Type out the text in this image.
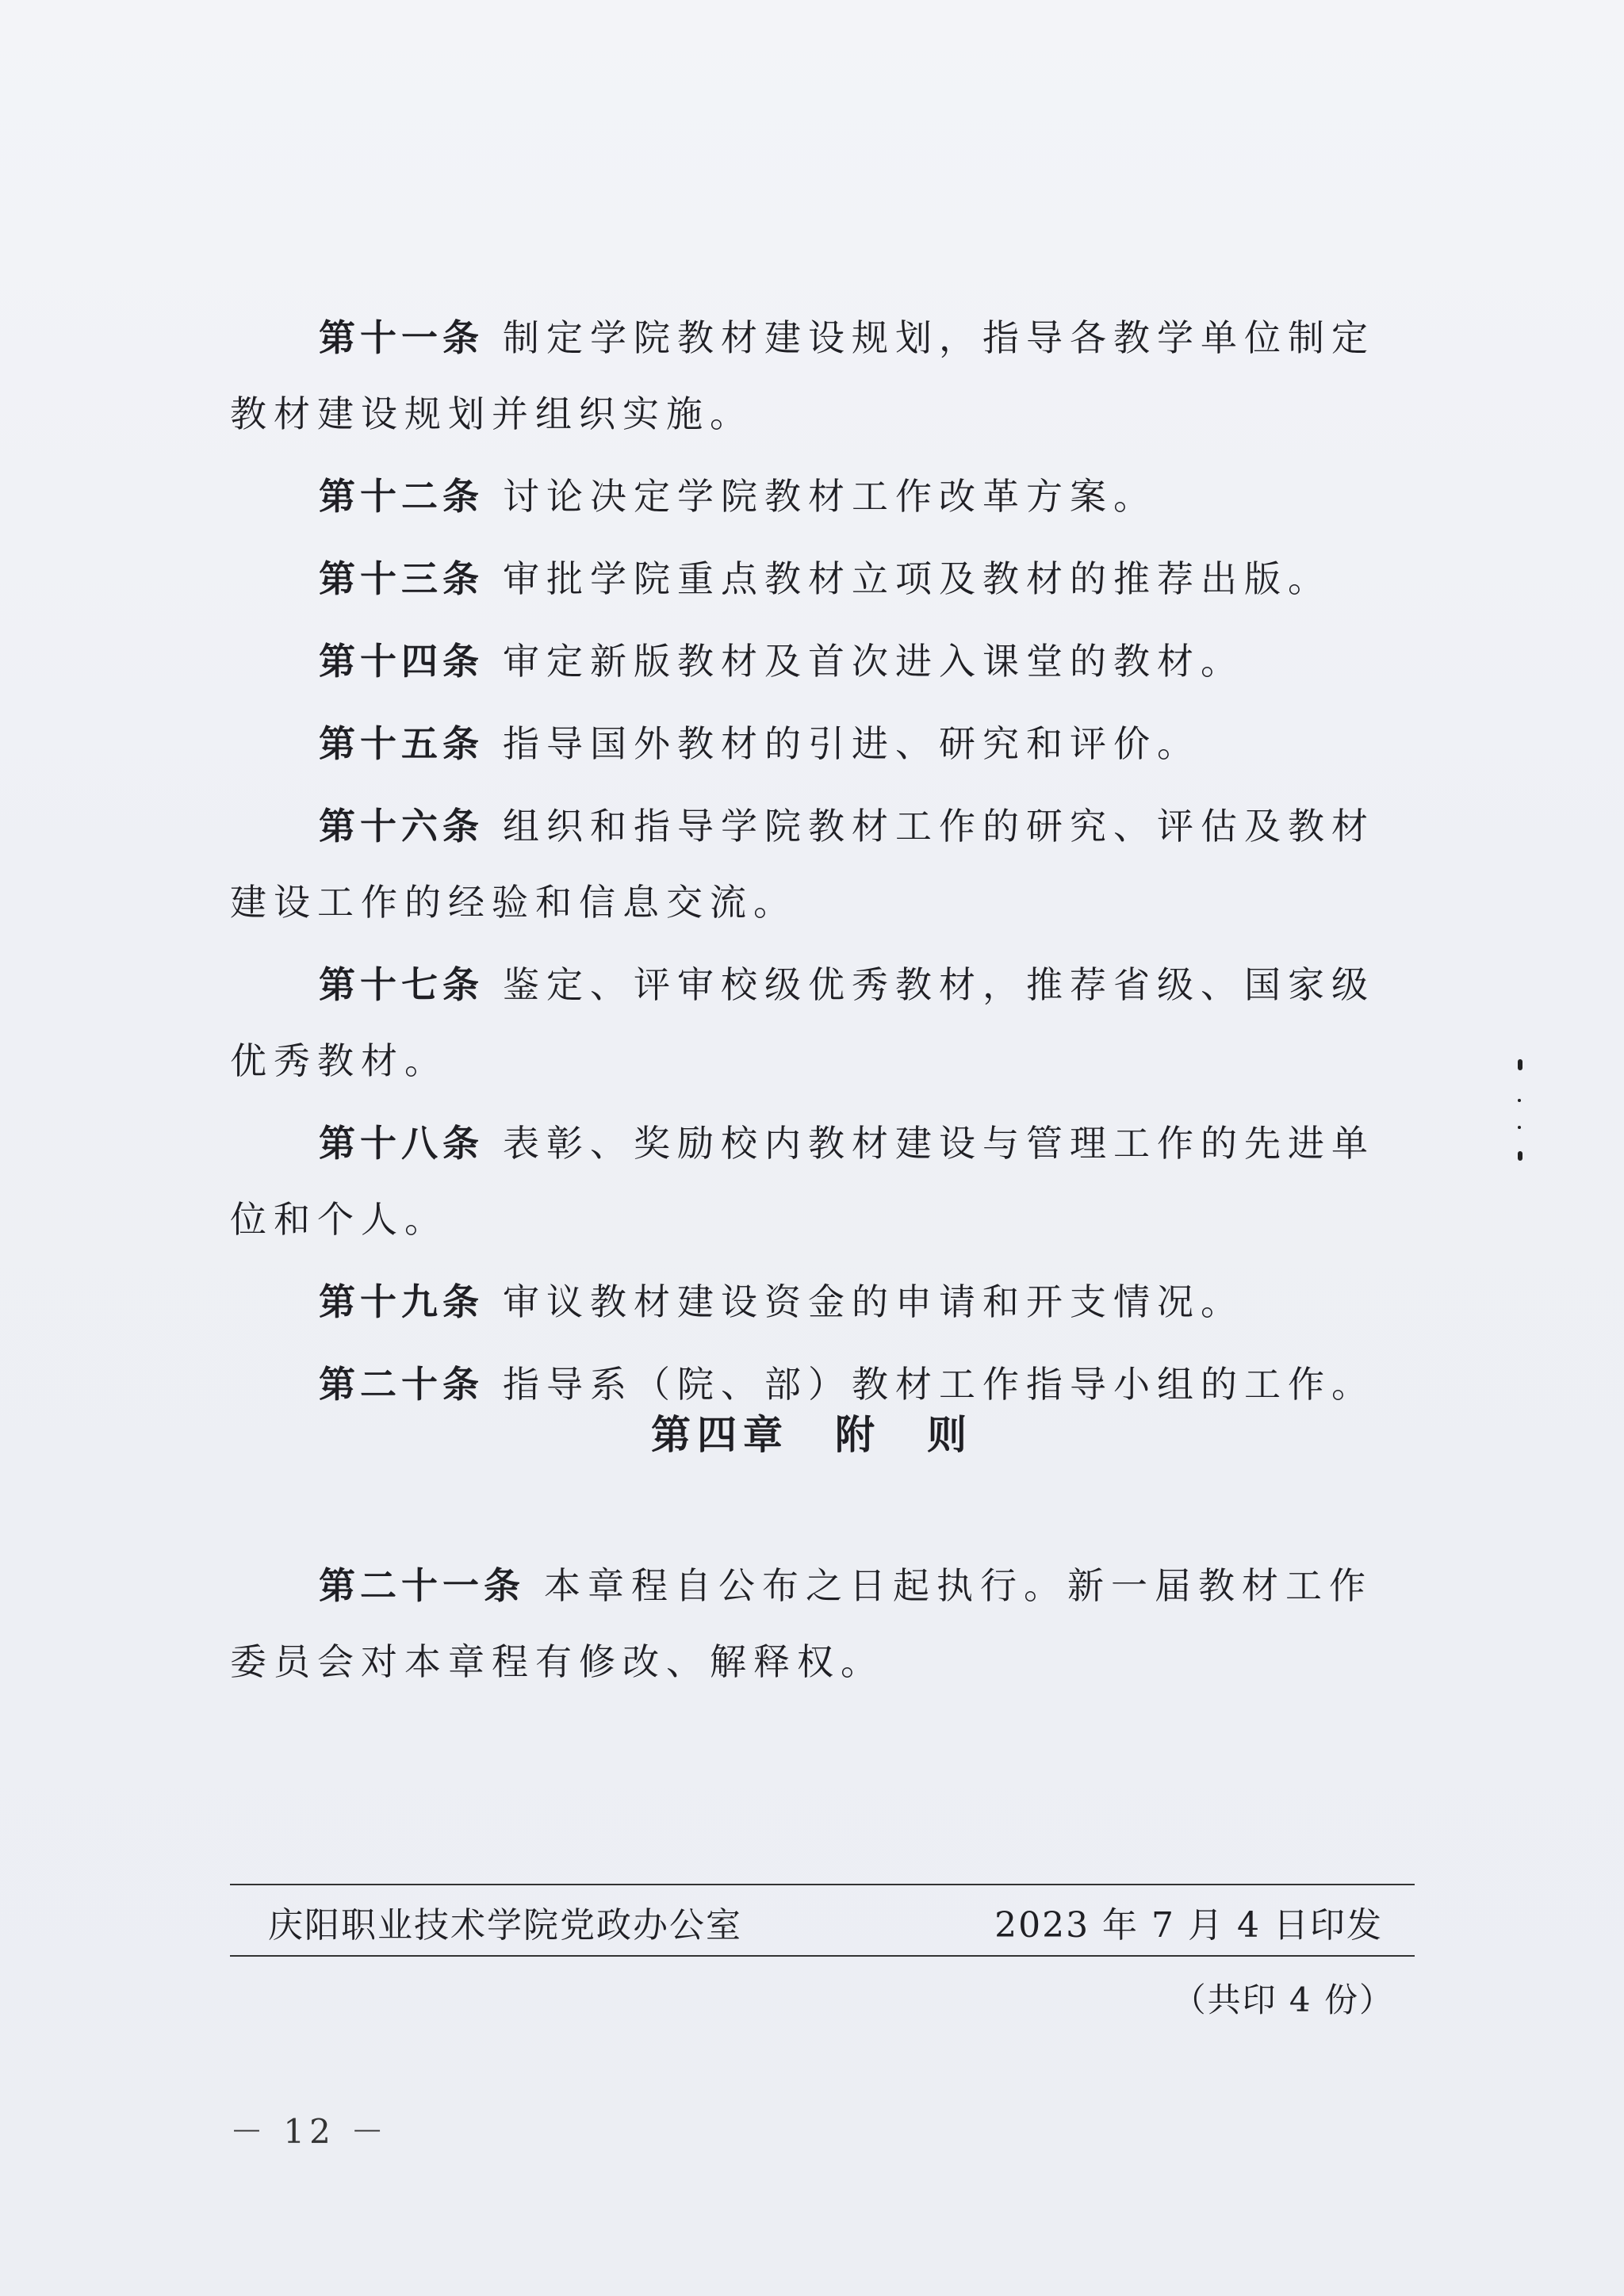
第十一条 制定学院教材建设规划，指导各教学单位制定教材建设规划并组织实施。

第十二条 讨论决定学院教材工作改革方案。

第十三条 审批学院重点教材立项及教材的推荐出版。

第十四条 审定新版教材及首次进入课堂的教材。

第十五条 指导国外教材的引进、研究和评价。

第十六条 组织和指导学院教材工作的研究、评估及教材建设工作的经验和信息交流。

第十七条 鉴定、评审校级优秀教材，推荐省级、国家级优秀教材。

第十八条 表彰、奖励校内教材建设与管理工作的先进单位和个人。

第十九条 审议教材建设资金的申请和开支情况。

第二十条 指导系（院、部）教材工作指导小组的工作。

第四章　附　则

第二十一条 本章程自公布之日起执行。新一届教材工作委员会对本章程有修改、解释权。

庆阳职业技术学院党政办公室	2023 年 7 月 4 日印发
（共印 4 份）
－ 12 －
